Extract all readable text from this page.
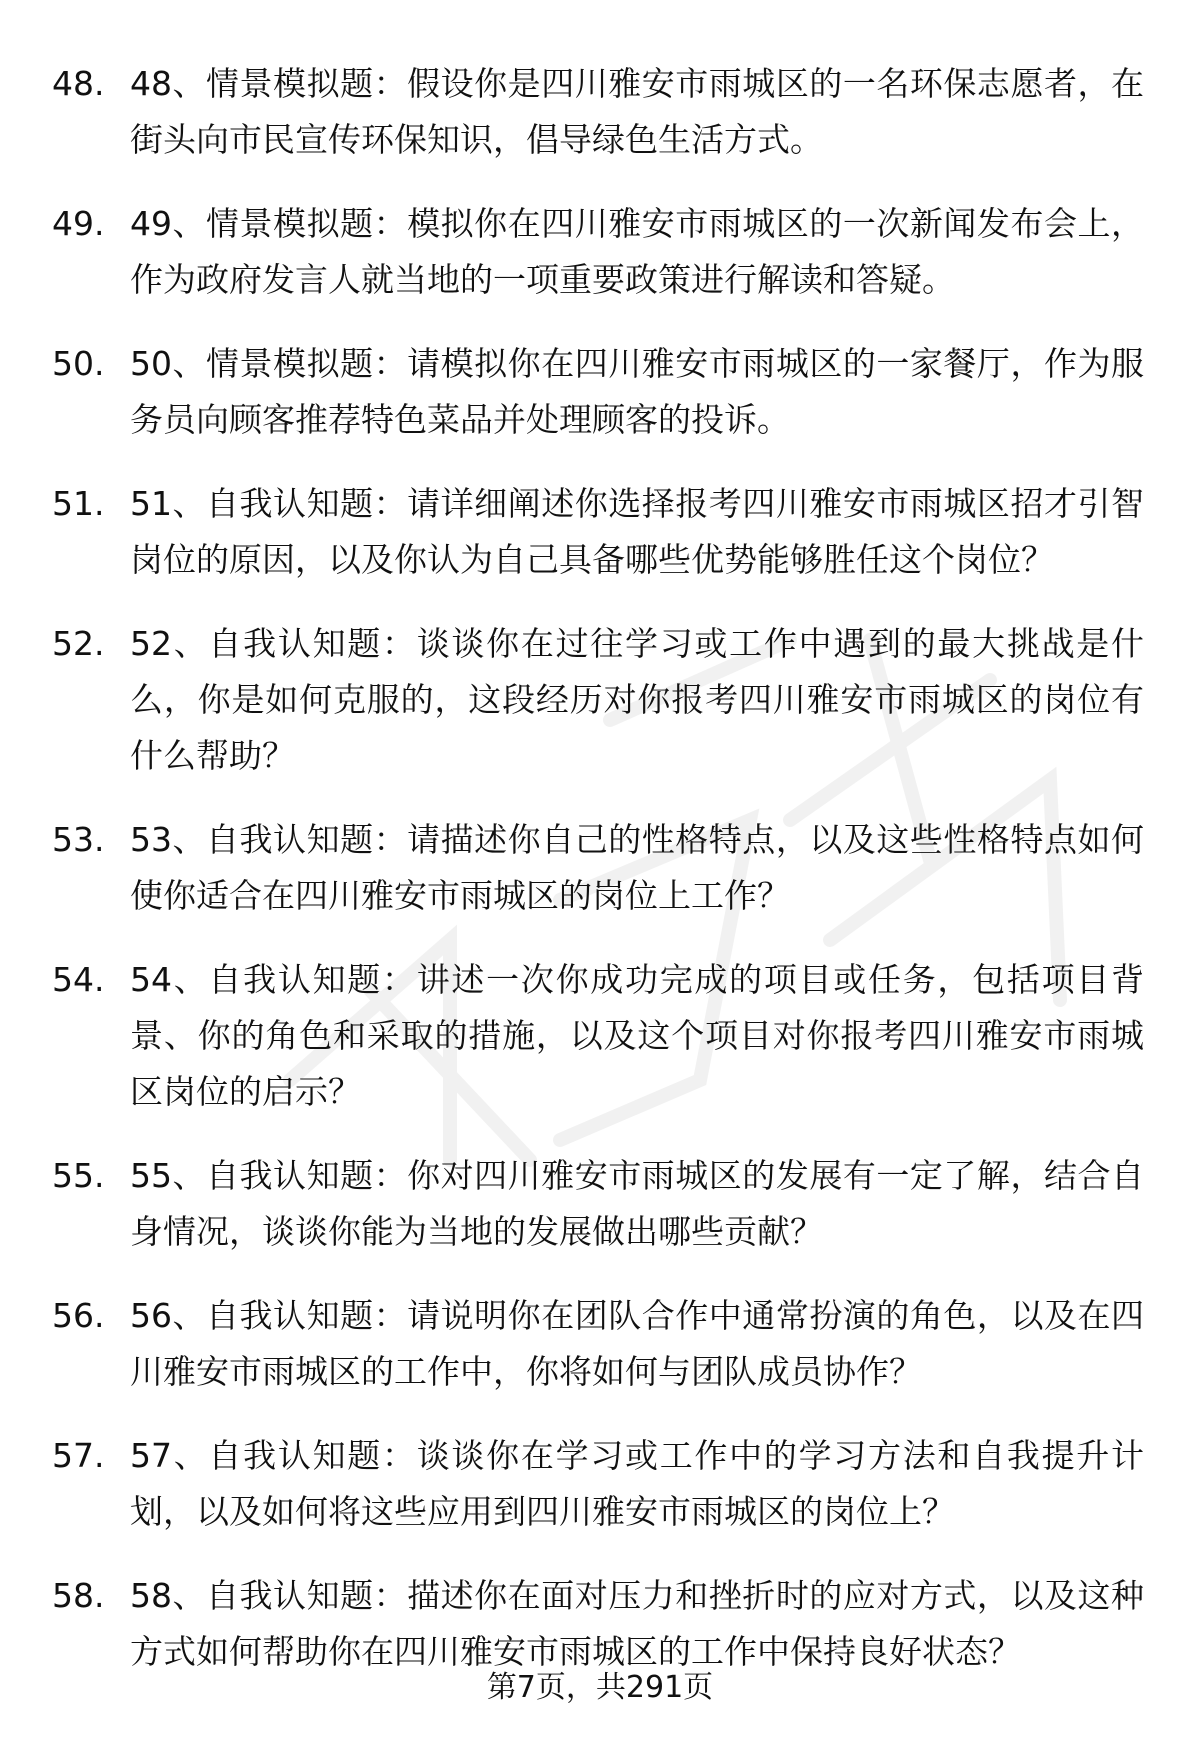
48. 48、情景模拟题：假设你是四川雅安市雨城区的一名环保志愿者，在街头向市民宣传环保知识，倡导绿色生活方式。
49. 49、情景模拟题：模拟你在四川雅安市雨城区的一次新闻发布会上，作为政府发言人就当地的一项重要政策进行解读和答疑。
50. 50、情景模拟题：请模拟你在四川雅安市雨城区的一家餐厅，作为服务员向顾客推荐特色菜品并处理顾客的投诉。
51. 51、自我认知题：请详细阐述你选择报考四川雅安市雨城区招才引智岗位的原因，以及你认为自己具备哪些优势能够胜任这个岗位？
52. 52、自我认知题：谈谈你在过往学习或工作中遇到的最大挑战是什么，你是如何克服的，这段经历对你报考四川雅安市雨城区的岗位有什么帮助？
53. 53、自我认知题：请描述你自己的性格特点，以及这些性格特点如何使你适合在四川雅安市雨城区的岗位上工作？
54. 54、自我认知题：讲述一次你成功完成的项目或任务，包括项目背景、你的角色和采取的措施，以及这个项目对你报考四川雅安市雨城区岗位的启示？
55. 55、自我认知题：你对四川雅安市雨城区的发展有一定了解，结合自身情况，谈谈你能为当地的发展做出哪些贡献？
56. 56、自我认知题：请说明你在团队合作中通常扮演的角色，以及在四川雅安市雨城区的工作中，你将如何与团队成员协作？
57. 57、自我认知题：谈谈你在学习或工作中的学习方法和自我提升计划，以及如何将这些应用到四川雅安市雨城区的岗位上？
58. 58、自我认知题：描述你在面对压力和挫折时的应对方式，以及这种方式如何帮助你在四川雅安市雨城区的工作中保持良好状态？
第7页，共291页
